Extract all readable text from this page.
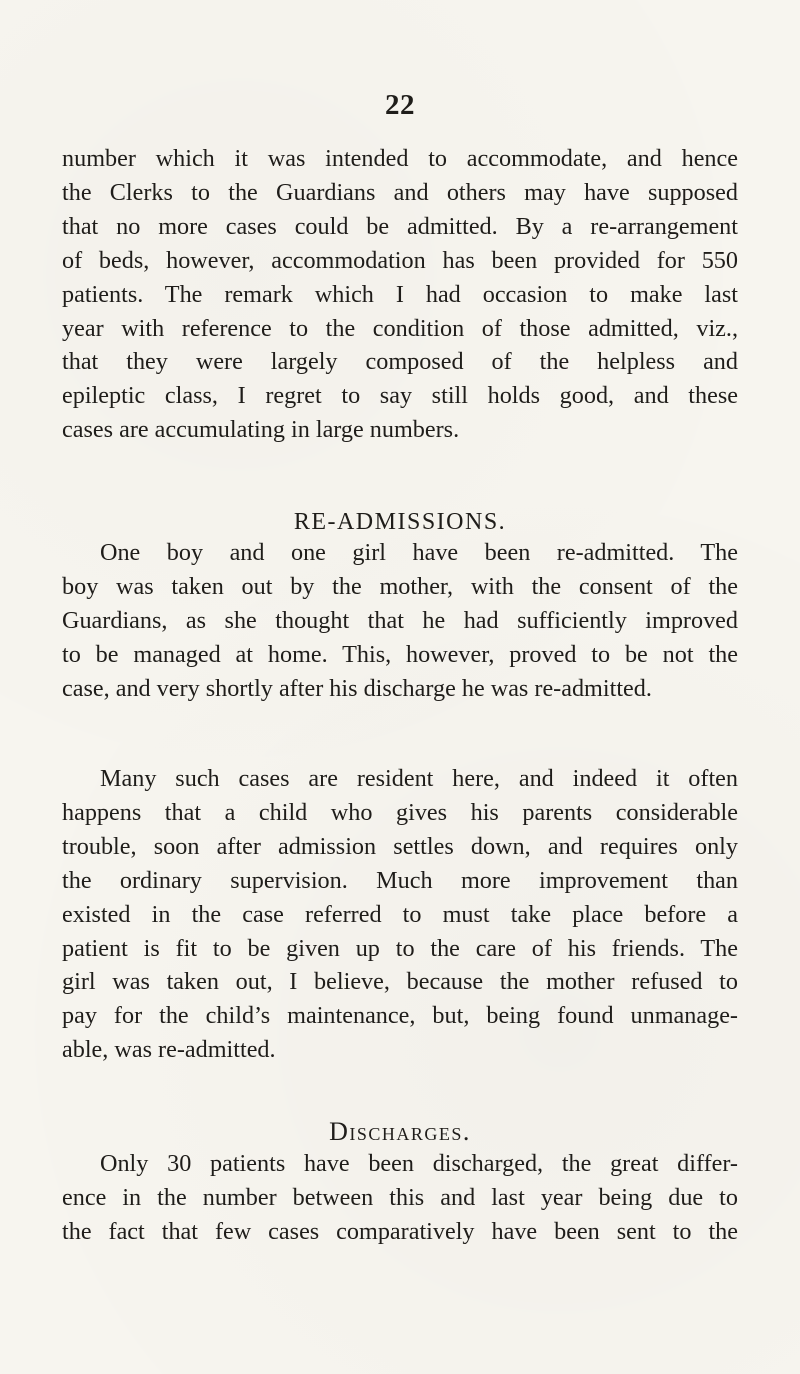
22

number which it was intended to accommodate, and hence
the Clerks to the Guardians and others may have supposed
that no more cases could be admitted. By a re-arrangement
of beds, however, accommodation has been provided for 550
patients. The remark which I had occasion to make last
year with reference to the condition of those admitted, viz.,
that they were largely composed of the helpless and
epileptic class, I regret to say still holds good, and these
cases are accumulating in large numbers.

RE-ADMISSIONS.

One boy and one girl have been re-admitted. The
boy was taken out by the mother, with the consent of the
Guardians, as she thought that he had sufficiently improved
to be managed at home. This, however, proved to be not the
case, and very shortly after his discharge he was re-admitted.

Many such cases are resident here, and indeed it often
happens that a child who gives his parents considerable
trouble, soon after admission settles down, and requires only
the ordinary supervision. Much more improvement than
existed in the case referred to must take place before a
patient is fit to be given up to the care of his friends. The
girl was taken out, I believe, because the mother refused to
pay for the child’s maintenance, but, being found unmanage-
able, was re-admitted.

Discharges.

Only 30 patients have been discharged, the great differ-
ence in the number between this and last year being due to
the fact that few cases comparatively have been sent to the
